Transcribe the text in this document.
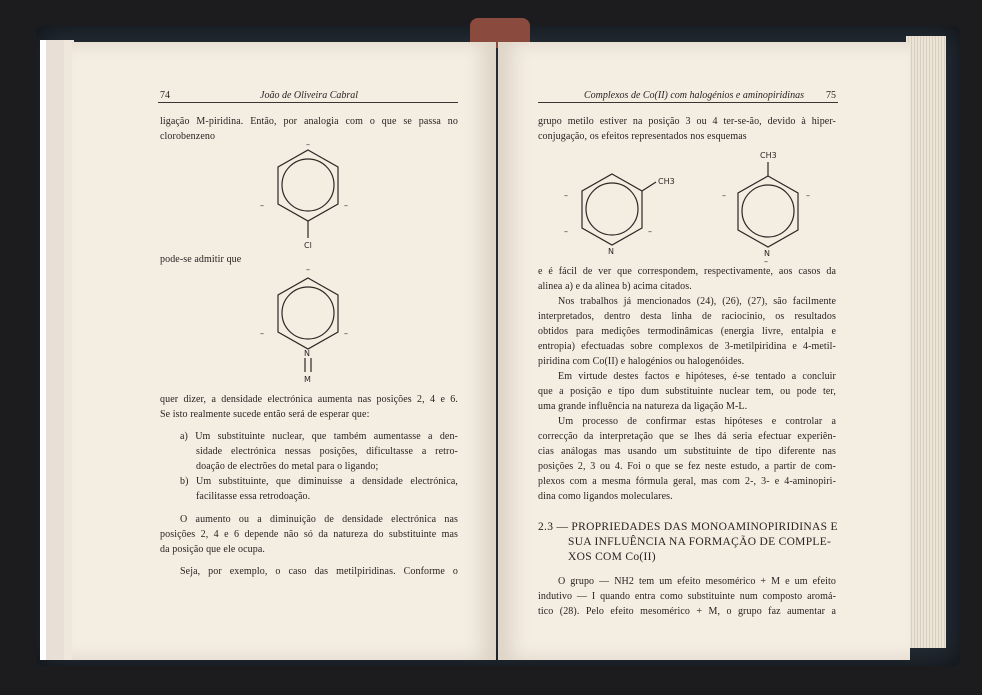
74	João de Oliveira Cabral
ligação M-piridina. Então, por analogia com o que se passa no
clorobenzeno
–
–	–
Cl
pode-se admitir que
–
–	–
N
M
quer dizer, a densidade electrónica aumenta nas posições 2, 4 e 6.
Se isto realmente sucede então será de esperar que:
a) Um substituinte nuclear, que também aumentasse a den-
sidade electrónica nessas posições, dificultasse a retro-
doação de electrões do metal para o ligando;
b) Um substituinte, que diminuisse a densidade electrónica,
facilitasse essa retrodoação.
O aumento ou a diminuição de densidade electrónica nas
posições 2, 4 e 6 depende não só da natureza do substituinte mas
da posição que ele ocupa.
Seja, por exemplo, o caso das metilpiridinas. Conforme o
Complexos de Co(II) com halogénios e aminopiridinas 75
grupo metilo estiver na posição 3 ou 4 ter-se-ão, devido à hiper-
conjugação, os efeitos representados nos esquemas
CH3
N
–
–	–
CH3
N
–	–
–
e é fácil de ver que correspondem, respectivamente, aos casos da
alinea a) e da alinea b) acima citados.
Nos trabalhos já mencionados (24), (26), (27), são facilmente
interpretados, dentro desta linha de raciocinio, os resultados
obtidos para medições termodinâmicas (energia livre, entalpia e
entropia) efectuadas sobre complexos de 3-metilpiridina e 4-metil-
piridina com Co(II) e halogénios ou halogenóides.
Em virtude destes factos e hipóteses, é-se tentado a concluir
que a posição e tipo dum substituinte nuclear tem, ou pode ter,
uma grande influência na natureza da ligação M-L.
Um processo de confirmar estas hipóteses e controlar a
correcção da interpretação que se lhes dá seria efectuar experiên-
cias análogas mas usando um substituinte de tipo diferente nas
posições 2, 3 ou 4. Foi o que se fez neste estudo, a partir de com-
plexos com a mesma fórmula geral, mas com 2-, 3- e 4-aminopiri-
dina como ligandos moleculares.
2.3 — PROPRIEDADES DAS MONOAMINOPIRIDINAS E
SUA INFLUÊNCIA NA FORMAÇÃO DE COMPLE-
XOS COM Co(II)
O grupo — NH2 tem um efeito mesomérico + M e um efeito
indutivo — I quando entra como substituinte num composto aromá-
tico (28). Pelo efeito mesomérico + M, o grupo faz aumentar a
